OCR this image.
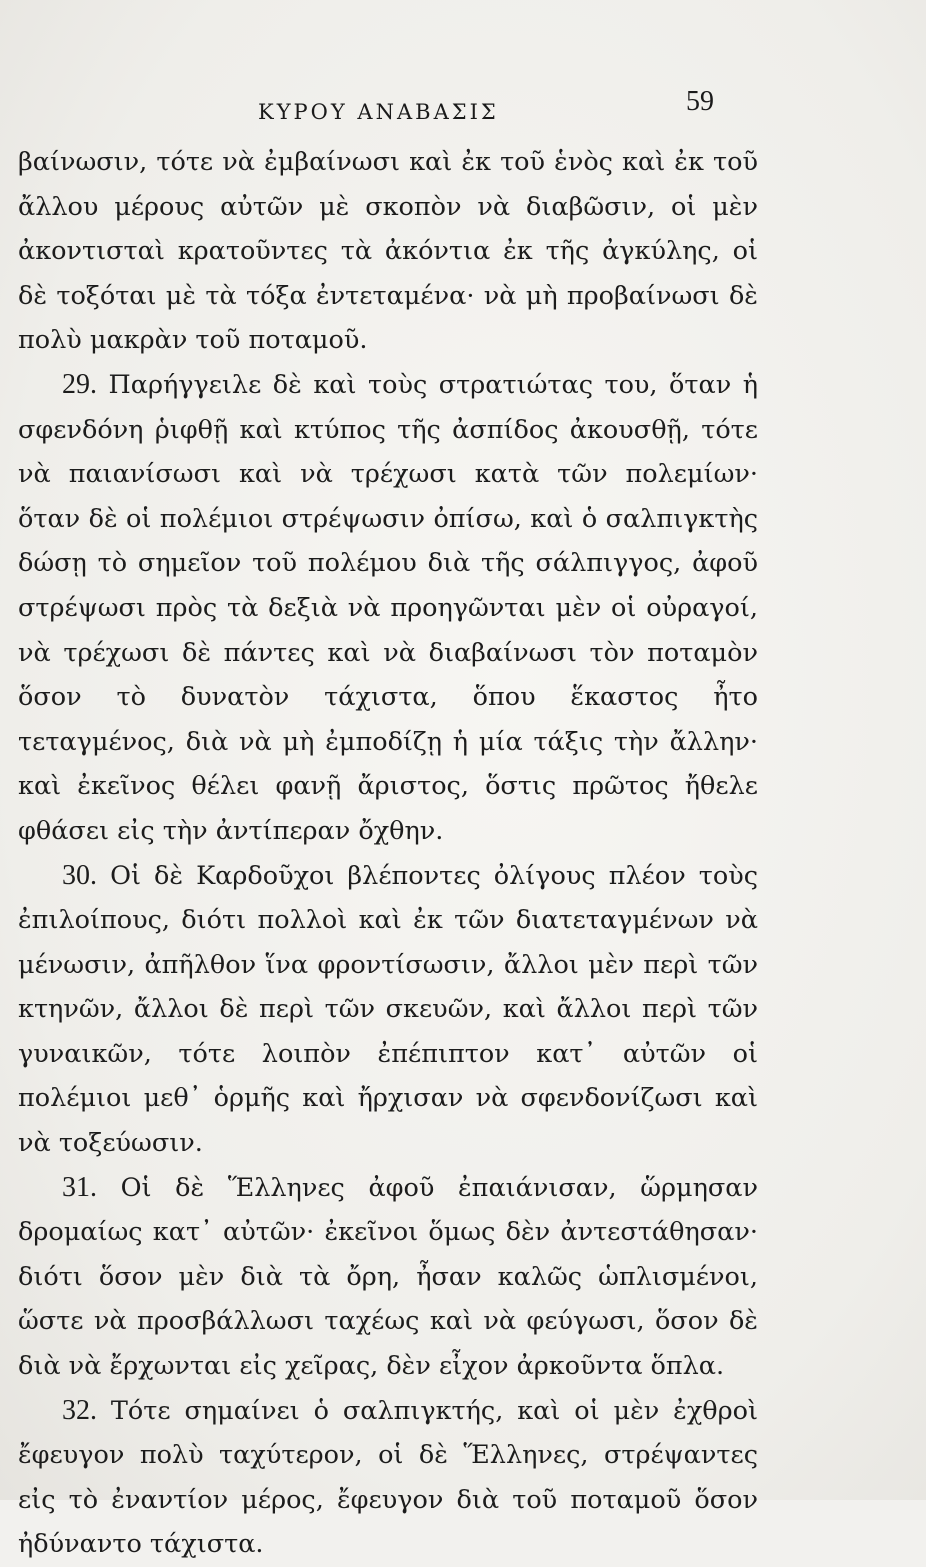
ΚΥΡΟΥ ΑΝΑΒΑΣΙΣ	59

βαίνωσιν, τότε νὰ ἐμβαίνωσι καὶ ἐκ τοῦ ἑνὸς καὶ ἐκ τοῦ ἄλλου μέρους αὐτῶν μὲ σκοπὸν νὰ διαβῶσιν, οἱ μὲν ἀκοντισταὶ κρατοῦντες τὰ ἀκόντια ἐκ τῆς ἀγκύλης, οἱ δὲ τοξόται μὲ τὰ τόξα ἐντεταμένα· νὰ μὴ προβαίνωσι δὲ πολὺ μακρὰν τοῦ ποταμοῦ.

29. Παρήγγειλε δὲ καὶ τοὺς στρατιώτας του, ὅταν ἡ σφενδόνη ῥιφθῇ καὶ κτύπος τῆς ἀσπίδος ἀκουσθῇ, τότε νὰ παιανίσωσι καὶ νὰ τρέχωσι κατὰ τῶν πολεμίων· ὅταν δὲ οἱ πολέμιοι στρέψωσιν ὀπίσω, καὶ ὁ σαλπιγκτὴς δώσῃ τὸ σημεῖον τοῦ πολέμου διὰ τῆς σάλπιγγος, ἀφοῦ στρέψωσι πρὸς τὰ δεξιὰ νὰ προηγῶνται μὲν οἱ οὐραγοί, νὰ τρέχωσι δὲ πάντες καὶ νὰ διαβαίνωσι τὸν ποταμὸν ὅσον τὸ δυνατὸν τάχιστα, ὅπου ἕκαστος ἦτο τεταγμένος, διὰ νὰ μὴ ἐμποδίζῃ ἡ μία τάξις τὴν ἄλλην· καὶ ἐκεῖνος θέλει φανῇ ἄριστος, ὅστις πρῶτος ἤθελε φθάσει εἰς τὴν ἀντίπεραν ὄχθην.

30. Οἱ δὲ Καρδοῦχοι βλέποντες ὀλίγους πλέον τοὺς ἐπιλοίπους, διότι πολλοὶ καὶ ἐκ τῶν διατεταγμένων νὰ μένωσιν, ἀπῆλθον ἵνα φροντίσωσιν, ἄλλοι μὲν περὶ τῶν κτηνῶν, ἄλλοι δὲ περὶ τῶν σκευῶν, καὶ ἄλλοι περὶ τῶν γυναικῶν, τότε λοιπὸν ἐπέπιπτον κατ᾽ αὐτῶν οἱ πολέμιοι μεθ᾽ ὁρμῆς καὶ ἤρχισαν νὰ σφενδονίζωσι καὶ νὰ τοξεύωσιν.

31. Οἱ δὲ Ἕλληνες ἀφοῦ ἐπαιάνισαν, ὥρμησαν δρομαίως κατ᾽ αὐτῶν· ἐκεῖνοι ὅμως δὲν ἀντεστάθησαν· διότι ὅσον μὲν διὰ τὰ ὄρη, ἦσαν καλῶς ὡπλισμένοι, ὥστε νὰ προσβάλλωσι ταχέως καὶ νὰ φεύγωσι, ὅσον δὲ διὰ νὰ ἔρχωνται εἰς χεῖρας, δὲν εἶχον ἀρκοῦντα ὅπλα.

32. Τότε σημαίνει ὁ σαλπιγκτής, καὶ οἱ μὲν ἐχθροὶ ἔφευγον πολὺ ταχύτερον, οἱ δὲ Ἕλληνες, στρέψαντες εἰς τὸ ἐναντίον μέρος, ἔφευγον διὰ τοῦ ποταμοῦ ὅσον ἠδύναντο τάχιστα.
